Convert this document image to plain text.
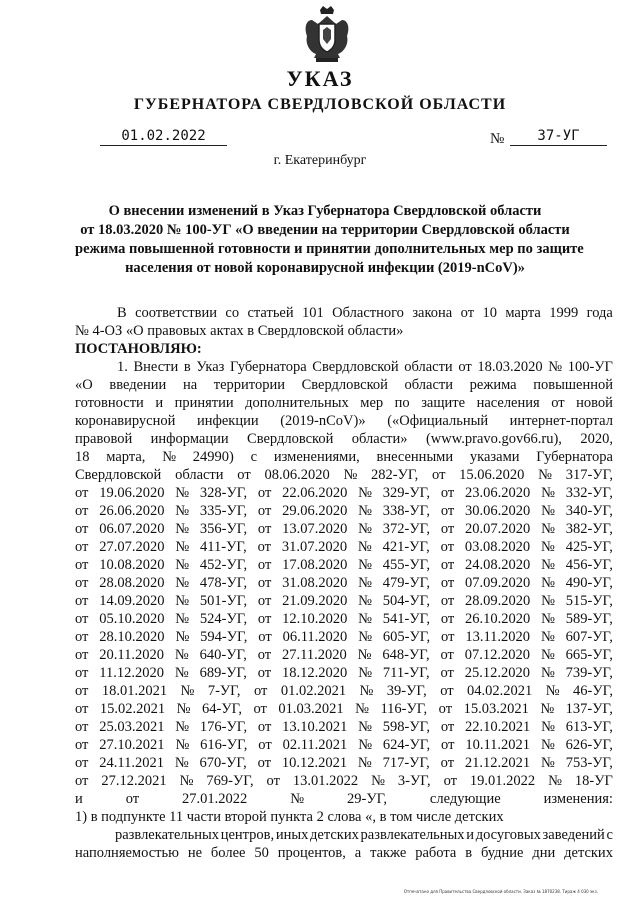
УКАЗ
ГУБЕРНАТОРА СВЕРДЛОВСКОЙ ОБЛАСТИ
01.02.2022	№	37-УГ
г. Екатеринбург
О внесении изменений в Указ Губернатора Свердловской области
от 18.03.2020 № 100-УГ «О введении на территории Свердловской области
режима повышенной готовности и принятии дополнительных мер по защите
населения от новой коронавирусной инфекции (2019-nCoV)»
В соответствии со статьей 101 Областного закона от 10 марта 1999 года
№ 4-ОЗ «О правовых актах в Свердловской области»
ПОСТАНОВЛЯЮ:
1. Внести в Указ Губернатора Свердловской области от 18.03.2020 № 100-УГ
«О введении на территории Свердловской области режима повышенной
готовности и принятии дополнительных мер по защите населения от новой
коронавирусной инфекции (2019-nCoV)» («Официальный интернет-портал
правовой информации Свердловской области» (www.pravo.gov66.ru), 2020,
18 марта, № 24990) с изменениями, внесенными указами Губернатора
Свердловской области от 08.06.2020 № 282-УГ, от 15.06.2020 № 317-УГ,
от 19.06.2020 № 328-УГ, от 22.06.2020 № 329-УГ, от 23.06.2020 № 332-УГ,
от 26.06.2020 № 335-УГ, от 29.06.2020 № 338-УГ, от 30.06.2020 № 340-УГ,
от 06.07.2020 № 356-УГ, от 13.07.2020 № 372-УГ, от 20.07.2020 № 382-УГ,
от 27.07.2020 № 411-УГ, от 31.07.2020 № 421-УГ, от 03.08.2020 № 425-УГ,
от 10.08.2020 № 452-УГ, от 17.08.2020 № 455-УГ, от 24.08.2020 № 456-УГ,
от 28.08.2020 № 478-УГ, от 31.08.2020 № 479-УГ, от 07.09.2020 № 490-УГ,
от 14.09.2020 № 501-УГ, от 21.09.2020 № 504-УГ, от 28.09.2020 № 515-УГ,
от 05.10.2020 № 524-УГ, от 12.10.2020 № 541-УГ, от 26.10.2020 № 589-УГ,
от 28.10.2020 № 594-УГ, от 06.11.2020 № 605-УГ, от 13.11.2020 № 607-УГ,
от 20.11.2020 № 640-УГ, от 27.11.2020 № 648-УГ, от 07.12.2020 № 665-УГ,
от 11.12.2020 № 689-УГ, от 18.12.2020 № 711-УГ, от 25.12.2020 № 739-УГ,
от 18.01.2021 № 7-УГ, от 01.02.2021 № 39-УГ, от 04.02.2021 № 46-УГ,
от 15.02.2021 № 64-УГ, от 01.03.2021 № 116-УГ, от 15.03.2021 № 137-УГ,
от 25.03.2021 № 176-УГ, от 13.10.2021 № 598-УГ, от 22.10.2021 № 613-УГ,
от 27.10.2021 № 616-УГ, от 02.11.2021 № 624-УГ, от 10.11.2021 № 626-УГ,
от 24.11.2021 № 670-УГ, от 10.12.2021 № 717-УГ, от 21.12.2021 № 753-УГ,
от 27.12.2021 № 769-УГ, от 13.01.2022 № 3-УГ, от 19.01.2022 № 18-УГ
и	от	27.01.2022	№	29-УГ,	следующие	изменения:
1) в подпункте 11 части второй пункта 2 слова «, в том числе детских
развлекательных центров, иных детских развлекательных и досуговых заведений с
наполняемостью не более 50 процентов, а также работа в будние дни детских
Отпечатано для Правительства Свердловской области. Заказ № 1870238. Тираж 4 030 экз.
